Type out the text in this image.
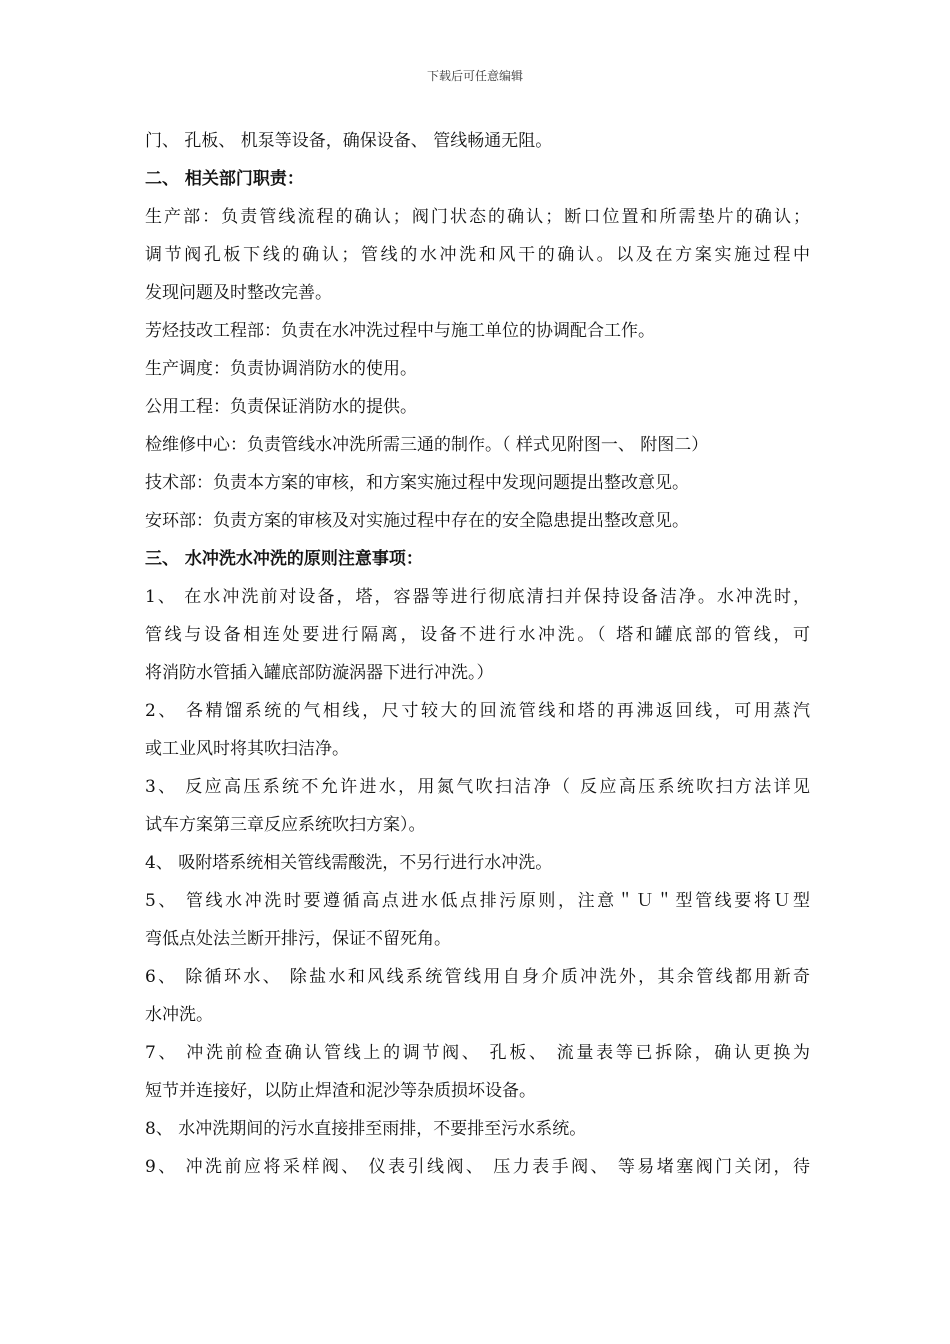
下载后可任意编辑
门、 孔板、 机泵等设备，确保设备、 管线畅通无阻。
二、 相关部门职责：
生产部：负责管线流程的确认；阀门状态的确认；断口位置和所需垫片的确认；
调节阀孔板下线的确认；管线的水冲洗和风干的确认。以及在方案实施过程中
发现问题及时整改完善。
芳烃技改工程部：负责在水冲洗过程中与施工单位的协调配合工作。
生产调度：负责协调消防水的使用。
公用工程：负责保证消防水的提供。
检维修中心：负责管线水冲洗所需三通的制作。（ 样式见附图一、 附图二）
技术部：负责本方案的审核，和方案实施过程中发现问题提出整改意见。
安环部：负责方案的审核及对实施过程中存在的安全隐患提出整改意见。
三、 水冲洗水冲洗的原则注意事项：
1、 在水冲洗前对设备，塔，容器等进行彻底清扫并保持设备洁净。水冲洗时，
管线与设备相连处要进行隔离，设备不进行水冲洗。（ 塔和罐底部的管线，可
将消防水管插入罐底部防漩涡器下进行冲洗。）
2、 各精馏系统的气相线，尺寸较大的回流管线和塔的再沸返回线，可用蒸汽
或工业风时将其吹扫洁净。
3、 反应高压系统不允许进水，用氮气吹扫洁净（ 反应高压系统吹扫方法详见
试车方案第三章反应系统吹扫方案）。
4、 吸附塔系统相关管线需酸洗，不另行进行水冲洗。
5、 管线水冲洗时要遵循高点进水低点排污原则，注意＂Ｕ＂型管线要将Ｕ型
弯低点处法兰断开排污，保证不留死角。
6、 除循环水、 除盐水和风线系统管线用自身介质冲洗外，其余管线都用新奇
水冲洗。
7、 冲洗前检查确认管线上的调节阀、 孔板、 流量表等已拆除，确认更换为
短节并连接好，以防止焊渣和泥沙等杂质损坏设备。
8、 水冲洗期间的污水直接排至雨排，不要排至污水系统。
9、 冲洗前应将采样阀、 仪表引线阀、 压力表手阀、 等易堵塞阀门关闭，待
